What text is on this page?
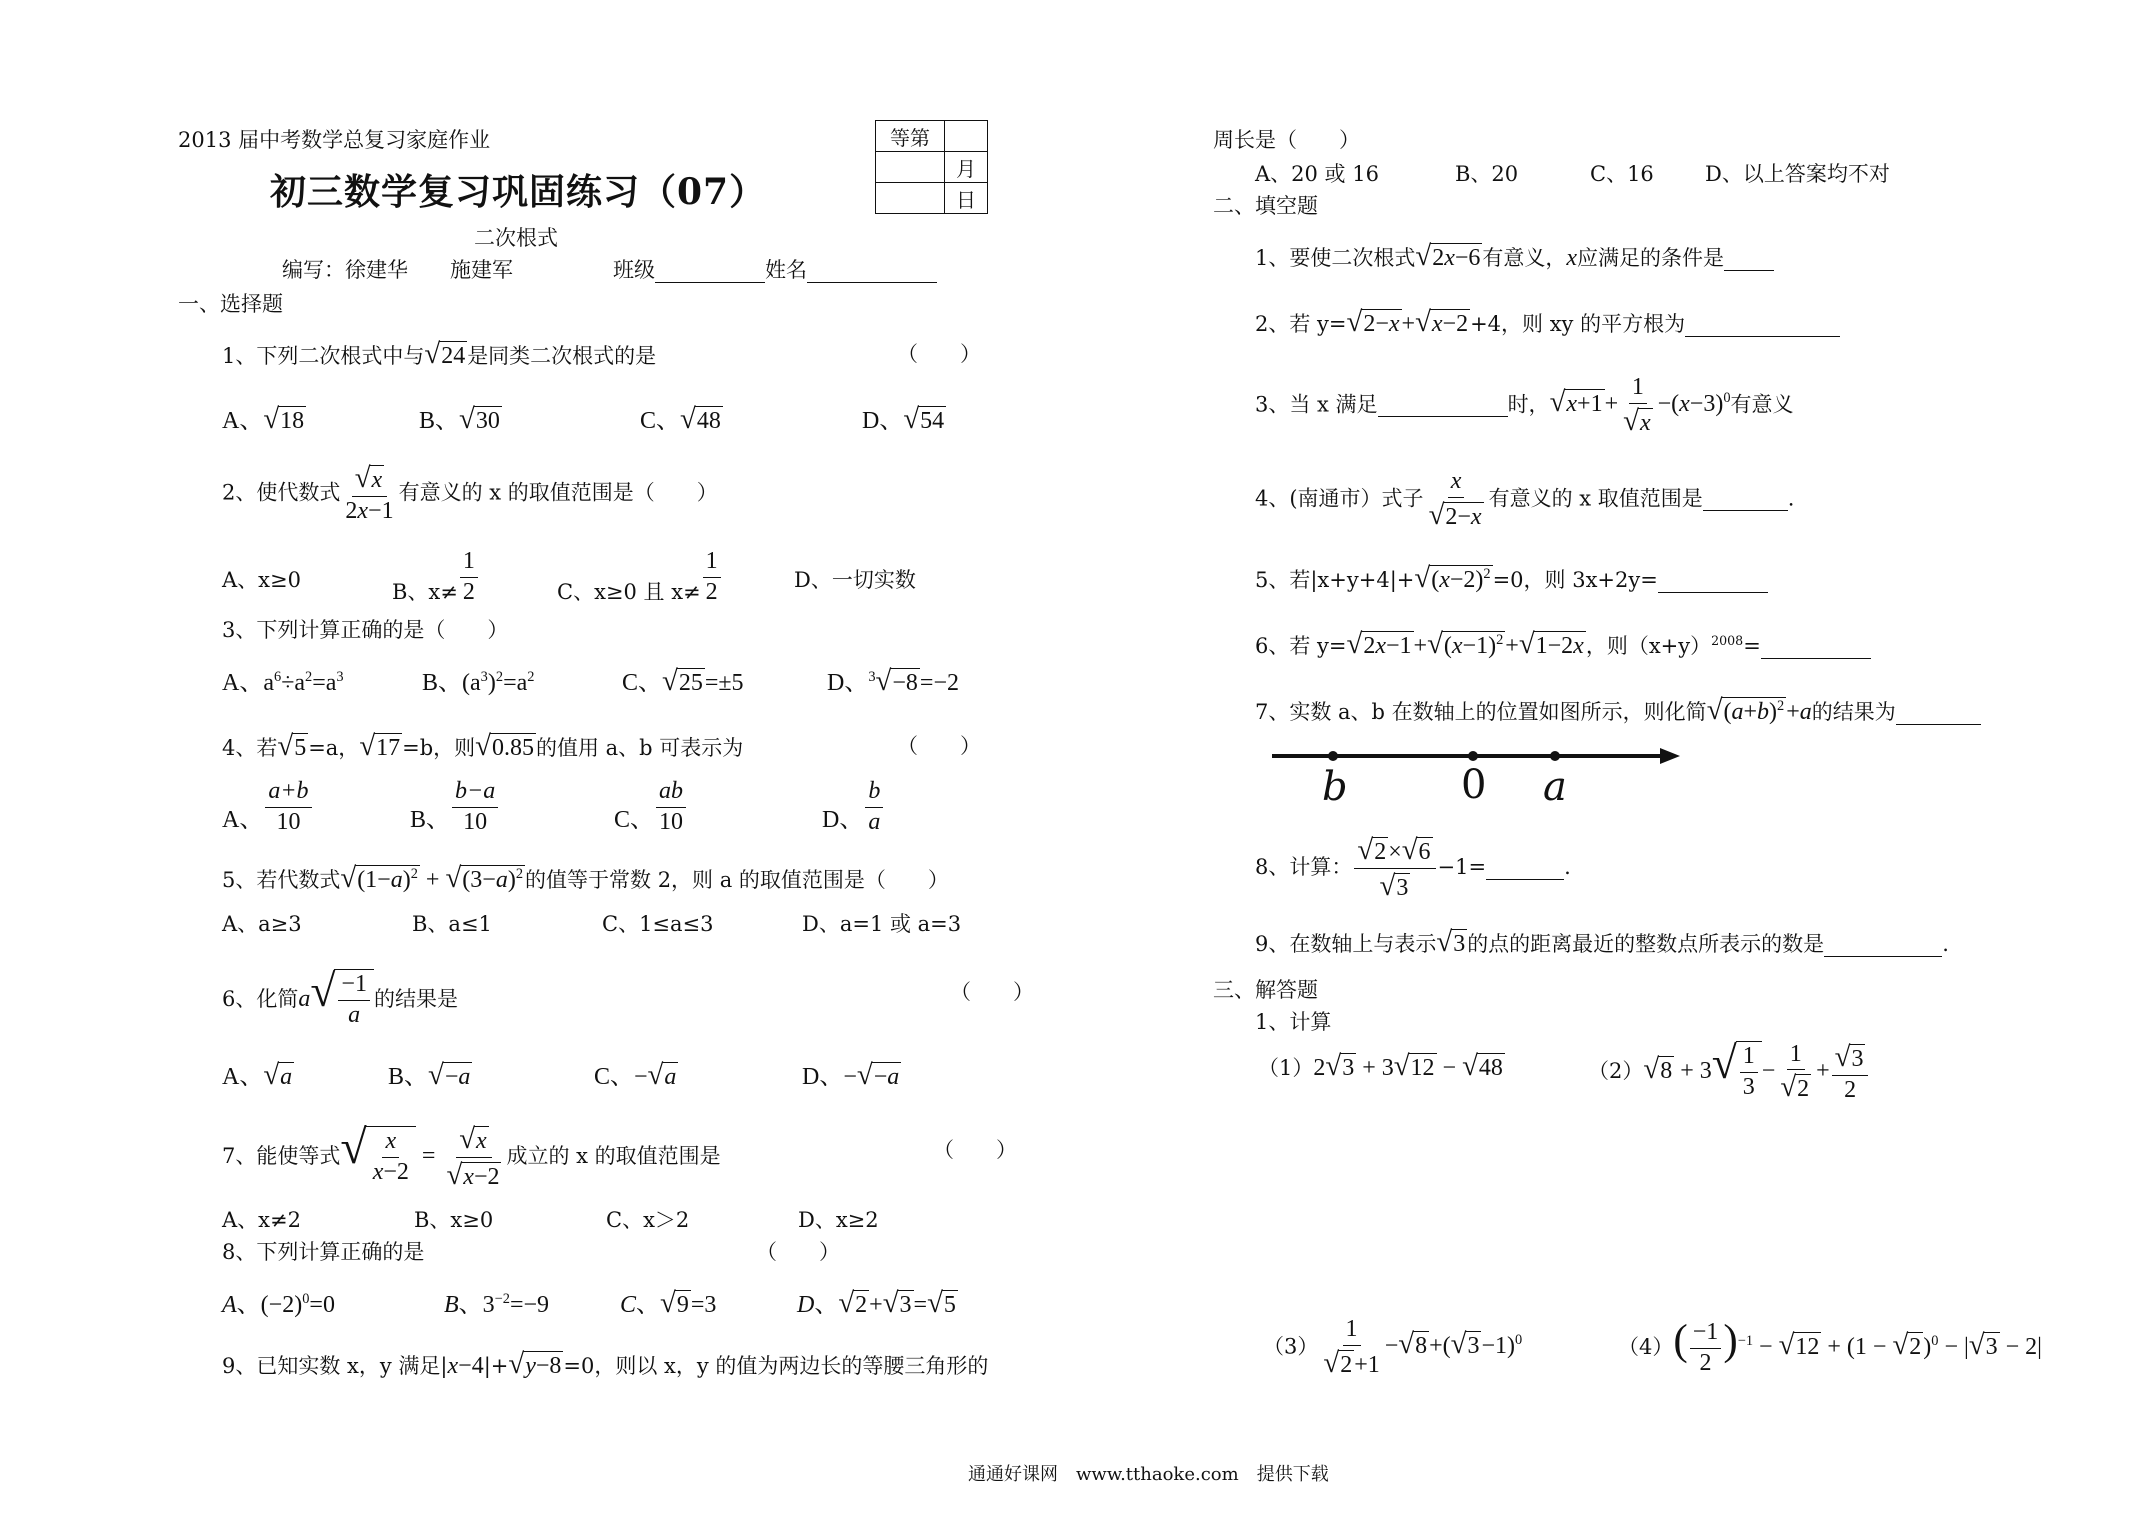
2013 届中考数学总复习家庭作业
初三数学复习巩固练习（07）
二次根式
编写：徐建华　　施建军	班级	姓名
等第	
	月
	日
一、选择题
1、下列二次根式中与√24是同类二次根式的是	（　　）
A、√18	B、√30	C、√48	D、√54
2、使代数式 $\frac{√x}{2x-1}$ 有意义的 x 的取值范围是（　　）
A、x≥0	B、$x\ne \frac{1}{2}$	C、x≥0 且 $x\ne \frac{1}{2}$	D、一切实数
3、下列计算正确的是（　　）
A、$a^6\div a^2=a^3$	B、$(a^3)^2=a^2$	C、√25=±5	D、$^3$√−8=−2
4、若√5=a，√17=b，则√0.85的值用 a、b 可表示为	（　　）
A、 $\frac{a+b}{10}$	B、 $\frac{b-a}{10}$	C、 $\frac{ab}{10}$	D、 $\frac{b}{a}$
5、若代数式$√(1-a)^2 + √(3-a)^2$的值等于常数 2，则 a 的取值范围是（　　）
A、a≥3	B、a≤1	C、1≤a≤3	D、a=1 或 a=3
6、化简$a√ \frac{-1}{a}$ 的结果是	（　　）
A、√a	B、√−a	C、−√a	D、−√−a
7、能使等式√ $\frac{x}{x-2} = \frac{√x}{√x-2}$ 成立的 x 的取值范围是	（　　）
A、x≠2	B、x≥0	C、x＞2	D、x≥2
8、下列计算正确的是	（　　）
A、$(-2)^0=0$	B、$3^{-2}=-9$	C、√9=3	D、√2+√3=√5
9、已知实数 x，y 满足|x−4|+√y−8=0，则以 x，y 的值为两边长的等腰三角形的
周长是（　　）
A、20 或 16	B、20	C、16 D、以上答案均不对
二、填空题
1、要使二次根式√2x−6有意义，x应满足的条件是
2、若 y=√2−x+√x−2+4，则 xy 的平方根为
3、当 x 满足	时，$√x+1+ \frac{1}{√x} -(x-3)^0$有意义
4、(南通市）式子 $\frac{x}{√2-x}$ 有意义的 x 取值范围是	.
5、若$|x+y+4|+√(x-2)^2=0$，则 3x+2y=
6、若 $y=√2x-1+√(x-1)^2+√1-2x$，则$(x+y)^{2008}=$
7、实数 a、b 在数轴上的位置如图所示，则化简$√(a+b)^2+a$的结果为
b	0 a
8、计算： $\frac{√2\times√6}{√3} -1=$	.
9、在数轴上与表示√3的点的距离最近的整数点所表示的数是	.
三、解答题
1、计算
（1）2√3 + 3√12 − √48	$(2)√8 + 3√ \frac{1}{3} - \frac{1}{√2} + \frac{√3}{2}$
$(3) \frac{1}{√2+1} -√8+(√3-1)^0$	$(4)( \frac{-1}{2} )^{-1} - √12 + (1 - √2)^0 - |√3 - 2|$
通通好课网　www.tthaoke.com　提供下载
